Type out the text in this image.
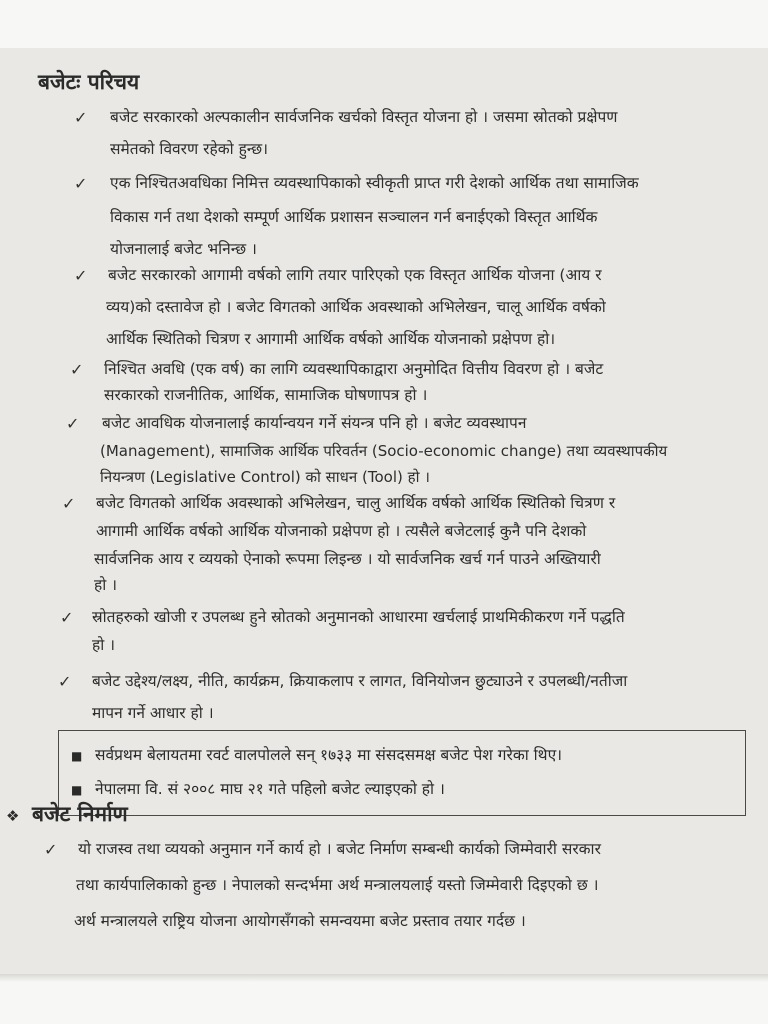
बजेटः परिचय
✓ बजेट सरकारको अल्पकालीन सार्वजनिक खर्चको विस्तृत योजना हो । जसमा स्रोतको प्रक्षेपण
समेतको विवरण रहेको हुन्छ।
✓ एक निश्चितअवधिका निमित्त व्यवस्थापिकाको स्वीकृती प्राप्त गरी देशको आर्थिक तथा सामाजिक
विकास गर्न तथा देशको सम्पूर्ण आर्थिक प्रशासन सञ्चालन गर्न बनाईएको विस्तृत आर्थिक
योजनालाई बजेट भनिन्छ ।
✓ बजेट सरकारको आगामी वर्षको लागि तयार पारिएको एक विस्तृत आर्थिक योजना (आय र
व्यय)को दस्तावेज हो । बजेट विगतको आर्थिक अवस्थाको अभिलेखन, चालू आर्थिक वर्षको
आर्थिक स्थितिको चित्रण र आगामी आर्थिक वर्षको आर्थिक योजनाको प्रक्षेपण हो।
✓ निश्चित अवधि (एक वर्ष) का लागि व्यवस्थापिकाद्वारा अनुमोदित वित्तीय विवरण हो । बजेट
सरकारको राजनीतिक, आर्थिक, सामाजिक घोषणापत्र हो ।
✓ बजेट आवधिक योजनालाई कार्यान्वयन गर्ने संयन्त्र पनि हो । बजेट व्यवस्थापन
(Management), सामाजिक आर्थिक परिवर्तन (Socio-economic change) तथा व्यवस्थापकीय
नियन्त्रण (Legislative Control) को साधन (Tool) हो ।
✓ बजेट विगतको आर्थिक अवस्थाको अभिलेखन, चालु आर्थिक वर्षको आर्थिक स्थितिको चित्रण र
आगामी आर्थिक वर्षको आर्थिक योजनाको प्रक्षेपण हो । त्यसैले बजेटलाई कुनै पनि देशको
सार्वजनिक आय र व्ययको ऐनाको रूपमा लिइन्छ । यो सार्वजनिक खर्च गर्न पाउने अख्तियारी
हो ।
✓ स्रोतहरुको खोजी र उपलब्ध हुने स्रोतको अनुमानको आधारमा खर्चलाई प्राथमिकीकरण गर्ने पद्धति
हो ।
✓ बजेट उद्देश्य/लक्ष्य, नीति, कार्यक्रम, क्रियाकलाप र लागत, विनियोजन छुट्याउने र उपलब्धी/नतीजा
मापन गर्ने आधार हो ।
■ सर्वप्रथम बेलायतमा रवर्ट वालपोलले सन् १७३३ मा संसदसमक्ष बजेट पेश गरेका थिए।
■ नेपालमा वि. सं २००८ माघ २१ गते पहिलो बजेट ल्याइएको हो ।
❖ बजेट निर्माण
✓ यो राजस्व तथा व्ययको अनुमान गर्ने कार्य हो । बजेट निर्माण सम्बन्धी कार्यको जिम्मेवारी सरकार
तथा कार्यपालिकाको हुन्छ । नेपालको सन्दर्भमा अर्थ मन्त्रालयलाई यस्तो जिम्मेवारी दिइएको छ ।
अर्थ मन्त्रालयले राष्ट्रिय योजना आयोगसँगको समन्वयमा बजेट प्रस्ताव तयार गर्दछ ।
